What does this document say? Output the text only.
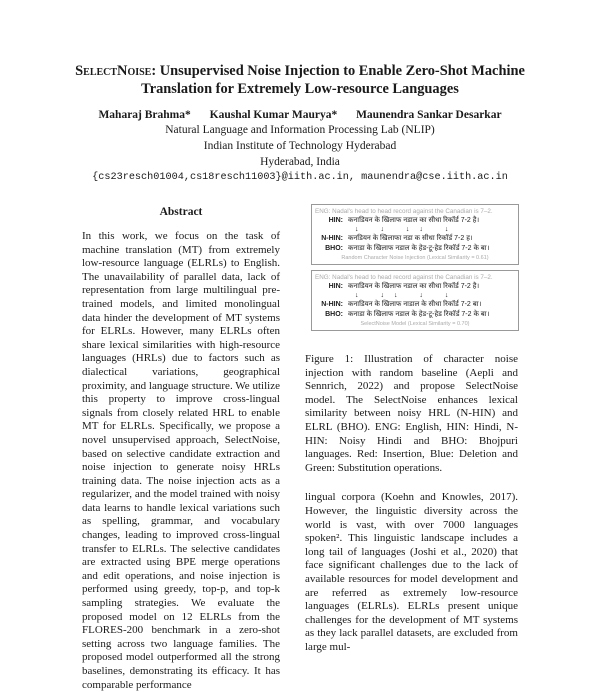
SelectNoise: Unsupervised Noise Injection to Enable Zero-Shot Machine Translation for Extremely Low-resource Languages
Maharaj Brahma* Kaushal Kumar Maurya* Maunendra Sankar Desarkar
Natural Language and Information Processing Lab (NLIP)
Indian Institute of Technology Hyderabad
Hyderabad, India
{cs23resch01004,cs18resch11003}@iith.ac.in, maunendra@cse.iith.ac.in
Abstract

In this work, we focus on the task of machine translation (MT) from extremely low-resource language (ELRLs) to English. The unavailability of parallel data, lack of representation from large multilingual pre-trained models, and limited monolingual data hinder the development of MT systems for ELRLs. However, many ELRLs often share lexical similarities with high-resource languages (HRLs) due to factors such as dialectical variations, geographical proximity, and language structure. We utilize this property to improve cross-lingual signals from closely related HRL to enable MT for ELRLs. Specifically, we propose a novel unsupervised approach, SelectNoise, based on selective candidate extraction and noise injection to generate noisy HRLs training data. The noise injection acts as a regularizer, and the model trained with noisy data learns to handle lexical variations such as spelling, grammar, and vocabulary changes, leading to improved cross-lingual transfer to ELRLs. The selective candidates are extracted using BPE merge operations and edit operations, and noise injection is performed using greedy, top-p, and top-k sampling strategies. We evaluate the proposed model on 12 ELRLs from the FLORES-200 benchmark in a zero-shot setting across two language families. The proposed model outperformed all the strong baselines, demonstrating its efficacy. It has comparable performance

ENG: Nadal's head to head record against the Canadian is 7–2.
HIN: कनाडियन के खिलाफ नडाल का सीधा रिकॉर्ड 7-2 है।
↓ ↓ ↓↓ ↓
N-HIN: कनडियन के खिलाफा नडा क सीधा रिकॉर्ड 7-2 ह।
BHO: कनाडा के खिलाफ नडाल के हेड-टू-हेड रिकॉर्ड 7-2 के बा।
Random Character Noise Injection (Lexical Similarity = 0.61)
ENG: Nadal's head to head record against the Canadian is 7–2.
HIN: कनाडियन के खिलाफ नडाल का सीधा रिकॉर्ड 7-2 है।
↓ ↓↓ ↓ ↓
N-HIN: कनाडियन के खिलाफ नाडाल के सीधा रिकॉर्ड 7-2 बा।
BHO: कनाडा के खिलाफ नडाल के हेड-टू-हेड रिकॉर्ड 7-2 के बा।
SelectNoise Model (Lexical Similarity = 0.70)
Figure 1: Illustration of character noise injection with random baseline (Aepli and Sennrich, 2022) and propose SelectNoise model. The SelectNoise enhances lexical similarity between noisy HRL (N-HIN) and ELRL (BHO). ENG: English, HIN: Hindi, N-HIN: Noisy Hindi and BHO: Bhojpuri languages. Red: Insertion, Blue: Deletion and Green: Substitution operations.

lingual corpora (Koehn and Knowles, 2017). However, the linguistic diversity across the world is vast, with over 7000 languages spoken². This linguistic landscape includes a long tail of languages (Joshi et al., 2020) that face significant challenges due to the lack of available resources for model development and are referred as extremely low-resource languages (ELRLs). ELRLs present unique challenges for the development of MT systems as they lack parallel datasets, are excluded from large mul-
